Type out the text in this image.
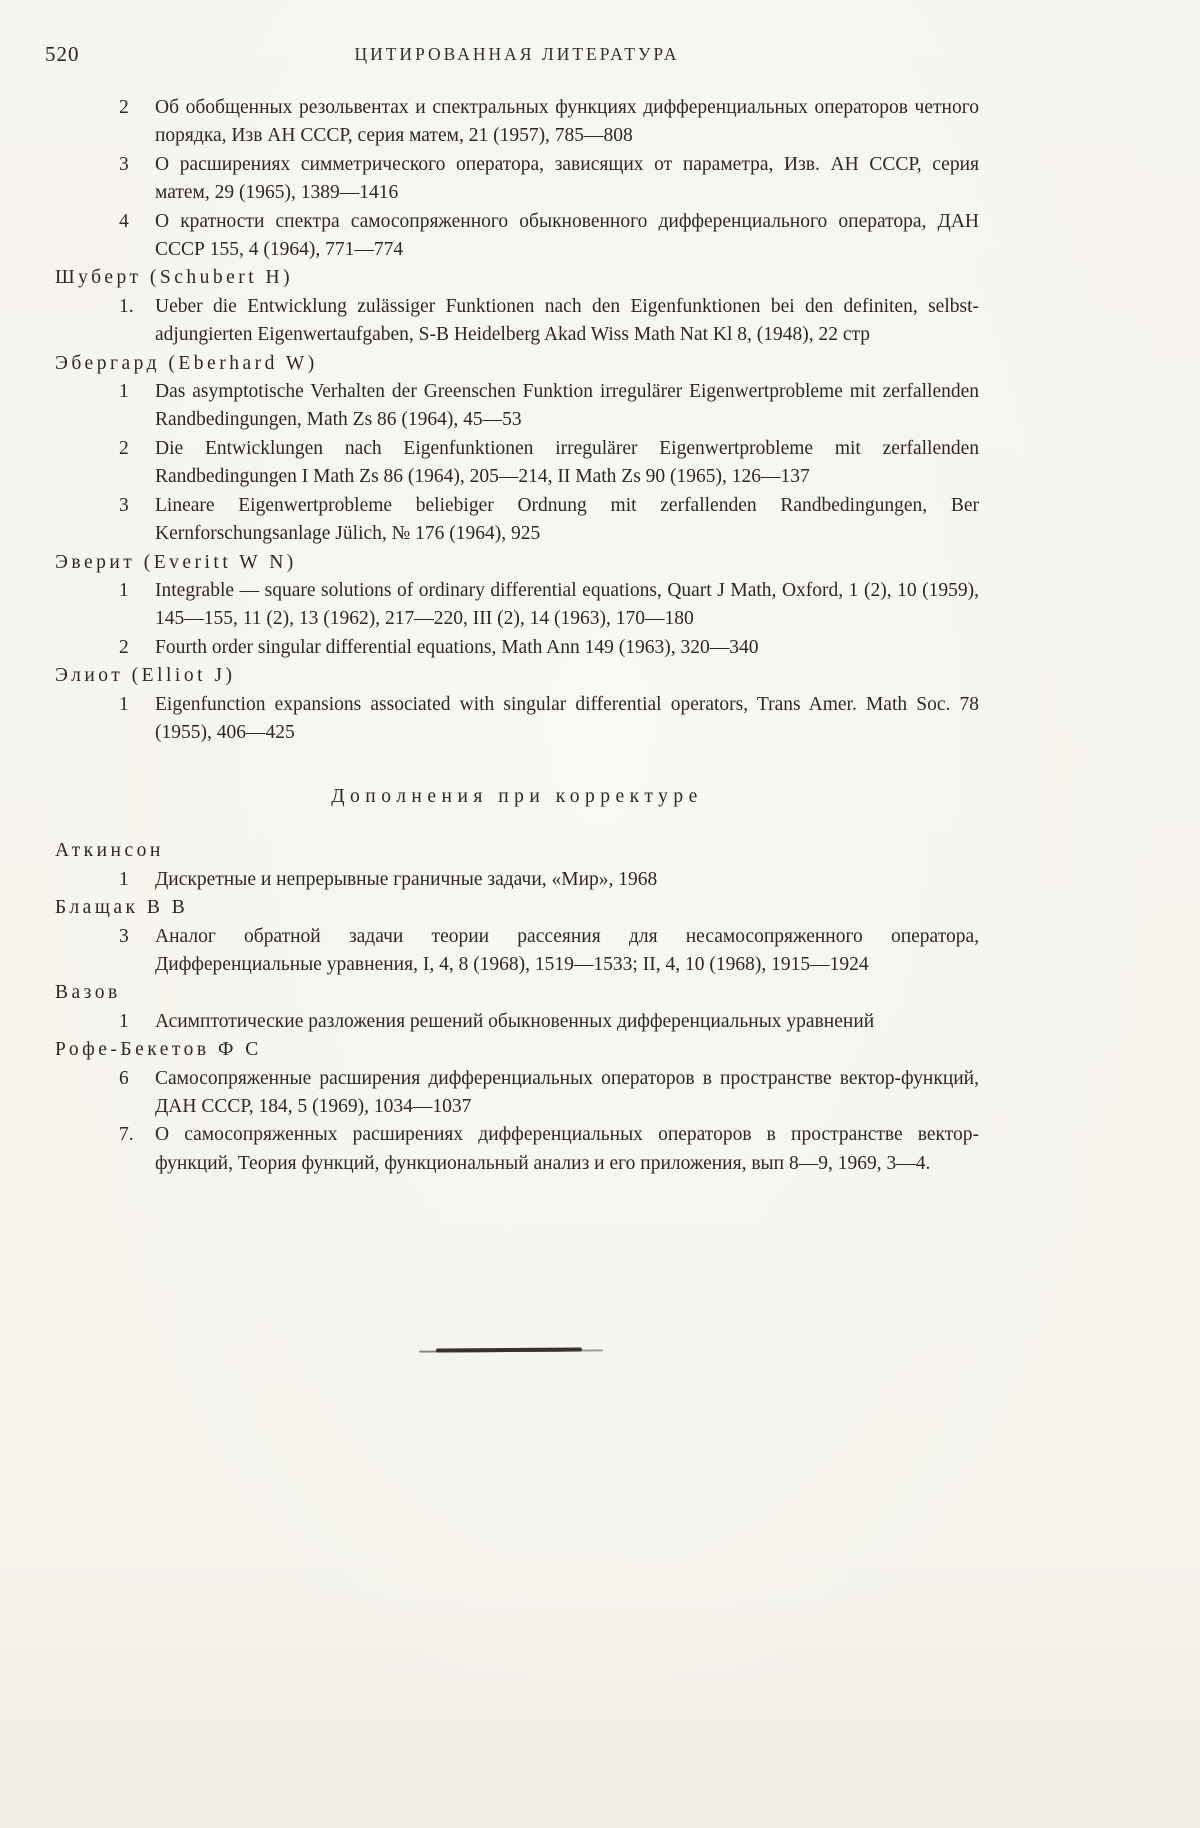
520	ЦИТИРОВАННАЯ ЛИТЕРАТУРА
2	Об обобщенных резольвентах и спектральных функциях дифференциальных операторов четного порядка, Изв АН СССР, серия матем, 21 (1957), 785—808
3	О расширениях симметрического оператора, зависящих от параметра, Изв. АН СССР, серия матем, 29 (1965), 1389—1416
4	О кратности спектра самосопряженного обыкновенного дифференциального оператора, ДАН СССР 155, 4 (1964), 771—774
Шуберт (Schubert H)
1.	Ueber die Entwicklung zulässiger Funktionen nach den Eigenfunktionen bei den definiten, selbst-adjungierten Eigenwertaufgaben, S-B Heidelberg Akad Wiss Math Nat Kl 8, (1948), 22 стр
Эбергард (Eberhard W)
1	Das asymptotische Verhalten der Greenschen Funktion irregulärer Eigenwertprobleme mit zerfallenden Randbedingungen, Math Zs 86 (1964), 45—53
2	Die Entwicklungen nach Eigenfunktionen irregulärer Eigenwertprobleme mit zerfallenden Randbedingungen I Math Zs 86 (1964), 205—214, II Math Zs 90 (1965), 126—137
3	Lineare Eigenwertprobleme beliebiger Ordnung mit zerfallenden Randbedingungen, Ber Kernforschungsanlage Jülich, № 176 (1964), 925
Эверит (Everitt W N)
1	Integrable — square solutions of ordinary differential equations, Quart J Math, Oxford, 1 (2), 10 (1959), 145—155, 11 (2), 13 (1962), 217—220, III (2), 14 (1963), 170—180
2	Fourth order singular differential equations, Math Ann 149 (1963), 320—340
Элиот (Elliot J)
1	Eigenfunction expansions associated with singular differential operators, Trans Amer. Math Soc. 78 (1955), 406—425
Дополнения при корректуре
Аткинсон
1	Дискретные и непрерывные граничные задачи, «Мир», 1968
Блащак В В
3	Аналог обратной задачи теории рассеяния для несамосопряженного оператора, Дифференциальные уравнения, I, 4, 8 (1968), 1519—1533; II, 4, 10 (1968), 1915—1924
Вазов
1	Асимптотические разложения решений обыкновенных дифференциальных уравнений
Рофе-Бекетов Ф С
6	Самосопряженные расширения дифференциальных операторов в пространстве вектор-функций, ДАН СССР, 184, 5 (1969), 1034—1037
7.	О самосопряженных расширениях дифференциальных операторов в пространстве вектор-функций, Теория функций, функциональный анализ и его приложения, вып 8—9, 1969, 3—4.
